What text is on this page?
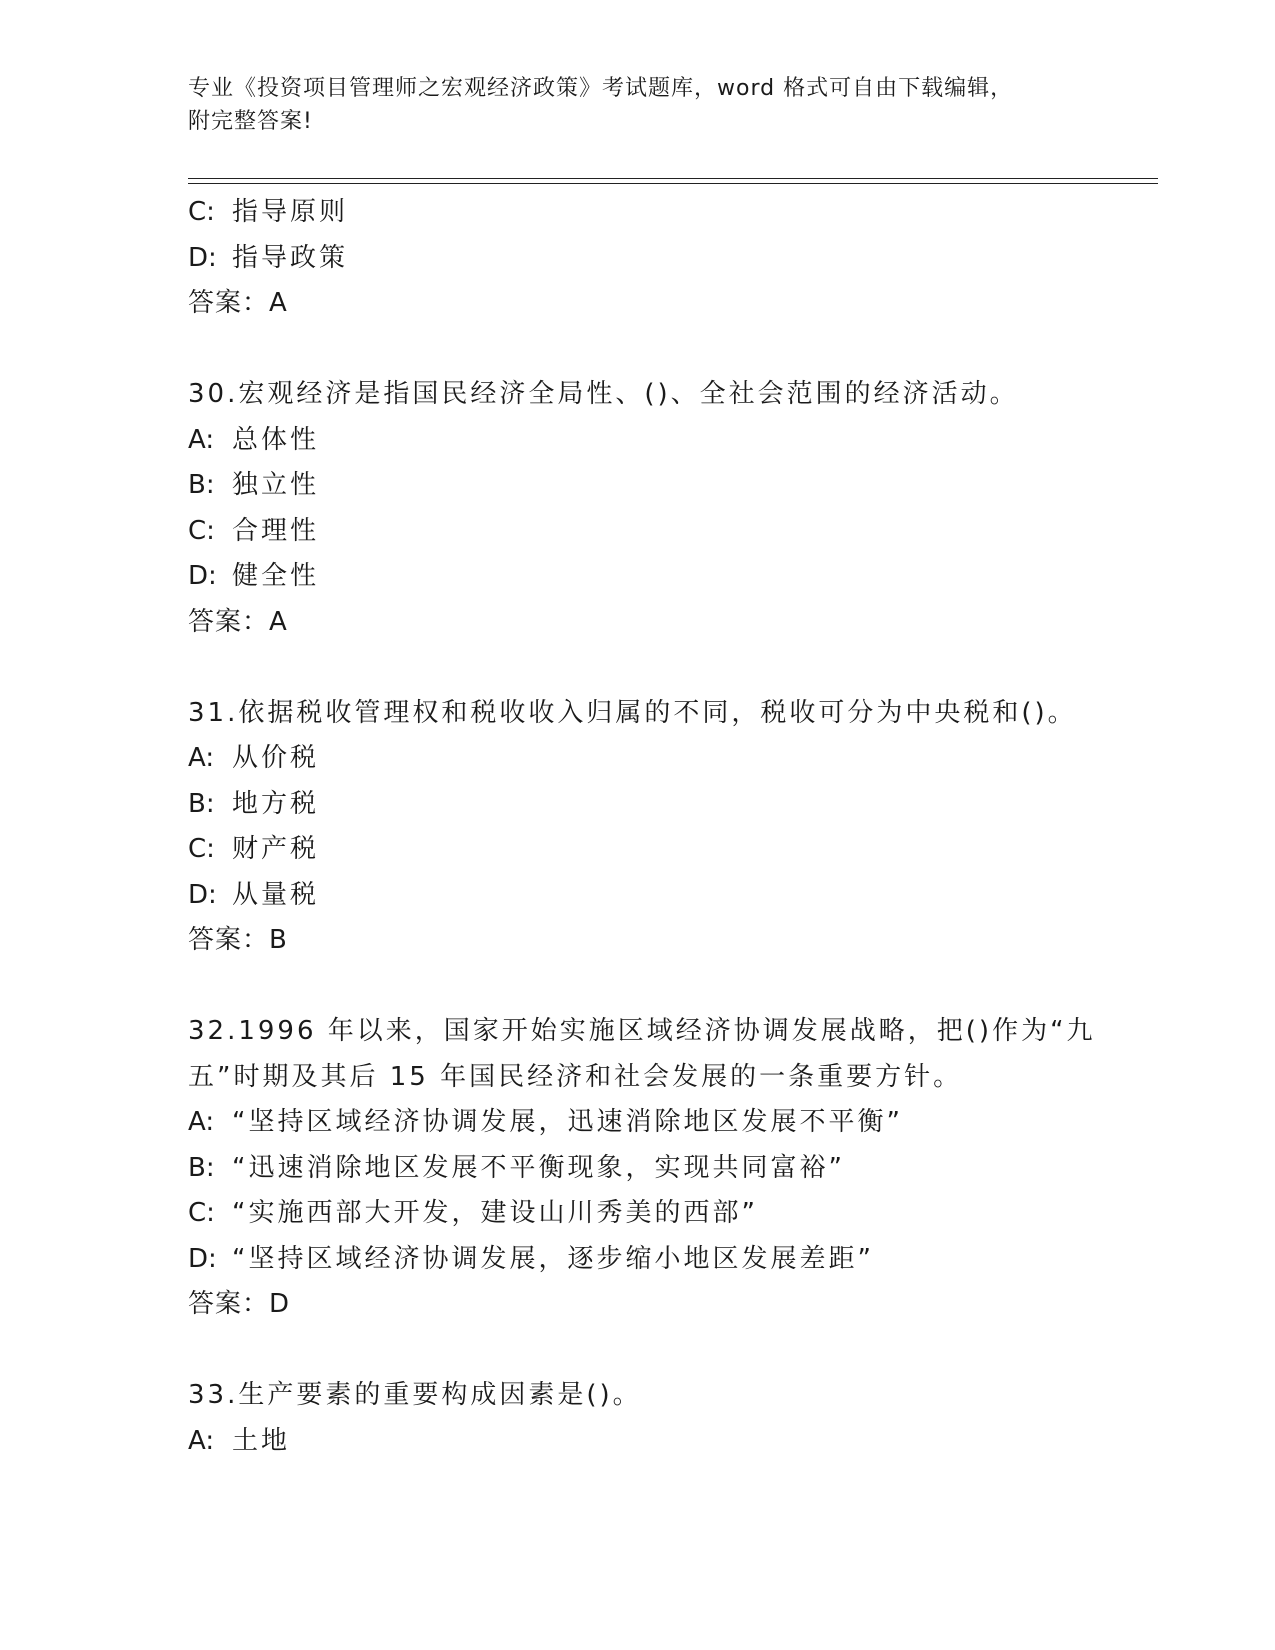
专业《投资项目管理师之宏观经济政策》考试题库，word 格式可自由下载编辑，
附完整答案!
C: 指导原则
D: 指导政策
答案：A
30.宏观经济是指国民经济全局性、()、全社会范围的经济活动。
A: 总体性
B: 独立性
C: 合理性
D: 健全性
答案：A
31.依据税收管理权和税收收入归属的不同，税收可分为中央税和()。
A: 从价税
B: 地方税
C: 财产税
D: 从量税
答案：B
32.1996 年以来，国家开始实施区域经济协调发展战略，把()作为“九
五”时期及其后 15 年国民经济和社会发展的一条重要方针。
A: “坚持区域经济协调发展，迅速消除地区发展不平衡”
B: “迅速消除地区发展不平衡现象，实现共同富裕”
C: “实施西部大开发，建设山川秀美的西部”
D: “坚持区域经济协调发展，逐步缩小地区发展差距”
答案：D
33.生产要素的重要构成因素是()。
A: 土地
